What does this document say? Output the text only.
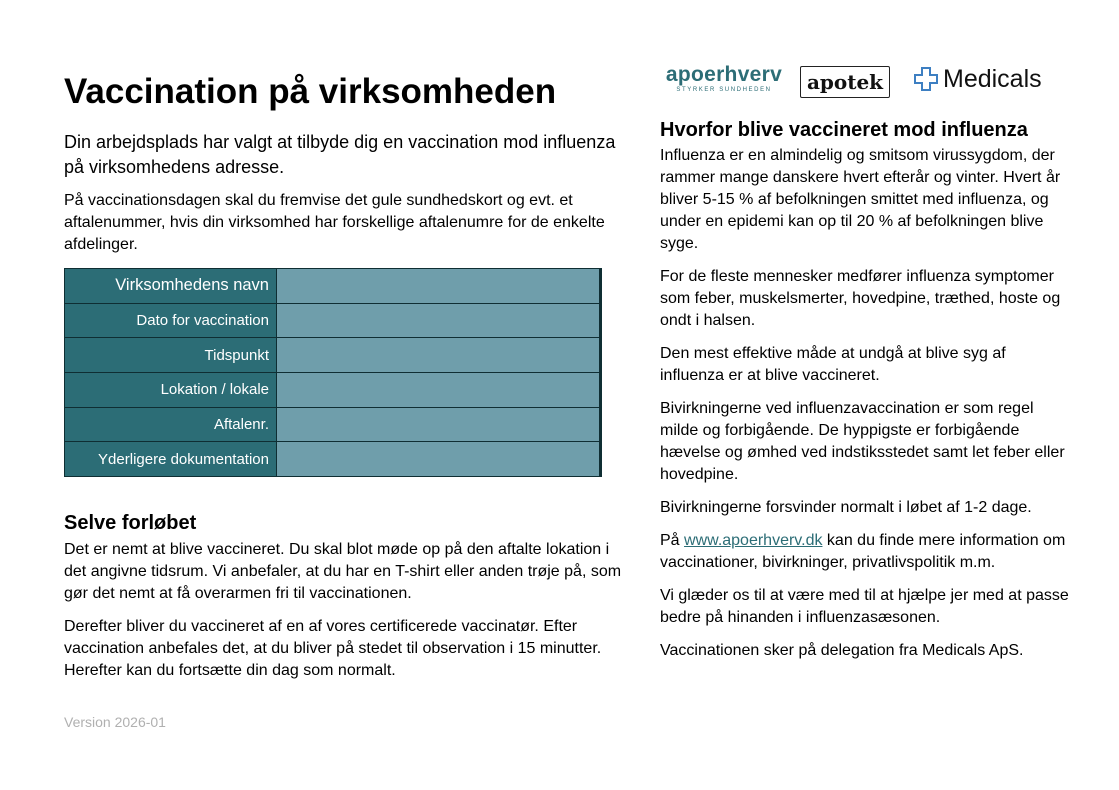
apoerhverv
STYRKER SUNDHEDEN	apotek Medicals
Vaccination på virksomheden

Din arbejdsplads har valgt at tilbyde dig en vaccination mod influenza på virksomhedens adresse.

På vaccinationsdagen skal du fremvise det gule sundhedskort og evt. et aftalenummer, hvis din virksomhed har forskellige aftalenumre for de enkelte afdelinger.

Virksomhedens navn	
Dato for vaccination	
Tidspunkt	
Lokation / lokale	
Aftalenr.	
Yderligere dokumentation	
Selve forløbet

Det er nemt at blive vaccineret. Du skal blot møde op på den aftalte lokation i det angivne tidsrum. Vi anbefaler, at du har en T-shirt eller anden trøje på, som gør det nemt at få overarmen fri til vaccinationen.

Derefter bliver du vaccineret af en af vores certificerede vaccinatør. Efter vaccination anbefales det, at du bliver på stedet til observation i 15 minutter. Herefter kan du fortsætte din dag som normalt.

Version 2026-01
Hvorfor blive vaccineret mod influenza

Influenza er en almindelig og smitsom virussygdom, der rammer mange danskere hvert efterår og vinter. Hvert år bliver 5-15 % af befolkningen smittet med influenza, og under en epidemi kan op til 20 % af befolkningen blive syge.

For de fleste mennesker medfører influenza symptomer som feber, muskelsmerter, hovedpine, træthed, hoste og ondt i halsen.

Den mest effektive måde at undgå at blive syg af influenza er at blive vaccineret.

Bivirkningerne ved influenzavaccination er som regel milde og forbigående. De hyppigste er forbigående hævelse og ømhed ved indstiksstedet samt let feber eller hovedpine.

Bivirkningerne forsvinder normalt i løbet af 1-2 dage.

På www.apoerhverv.dk kan du finde mere information om vaccinationer, bivirkninger, privatlivspolitik m.m.

Vi glæder os til at være med til at hjælpe jer med at passe bedre på hinanden i influenzasæsonen.

Vaccinationen sker på delegation fra Medicals ApS.
